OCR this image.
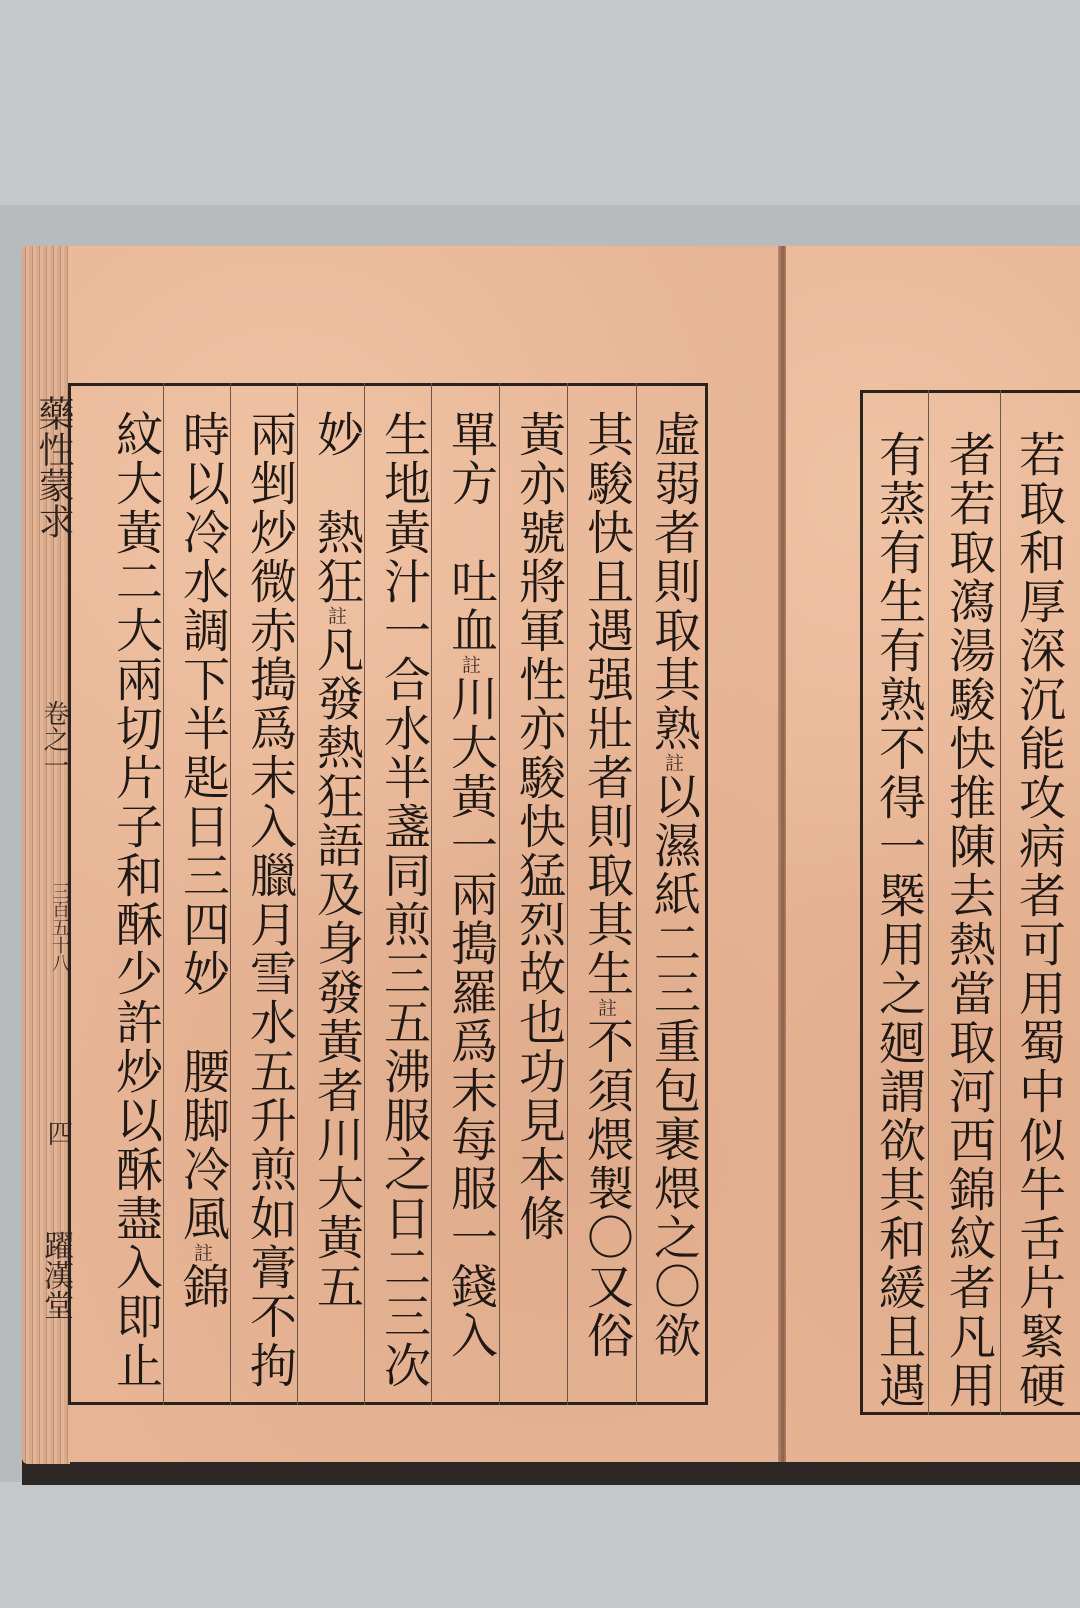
藥性蒙求
卷之一
三百五十八
四
躍漢堂
虛弱者則取其熟註以濕紙二三重包裹煨之〇欲
其駿快且遇强壯者則取其生註不須煨製〇又俗
黃亦號將軍性亦駿快猛烈故也功見本條
單方　吐血註川大黃一兩搗羅爲末每服一錢入
生地黃汁一合水半盞同煎三五沸服之日二三次
妙　熱狂註凡發熱狂語及身發黃者川大黃五
兩剉炒微赤搗爲末入臘月雪水五升煎如膏不拘
時以冷水調下半匙日三四妙　腰脚冷風註錦
紋大黃二大兩切片子和酥少許炒以酥盡入即止	若取和厚深沉能攻病者可用蜀中似牛舌片緊硬
者若取瀉湯駿快推陳去熱當取河西錦紋者凡用
有蒸有生有熟不得一槩用之𢌞謂欲其和緩且遇
